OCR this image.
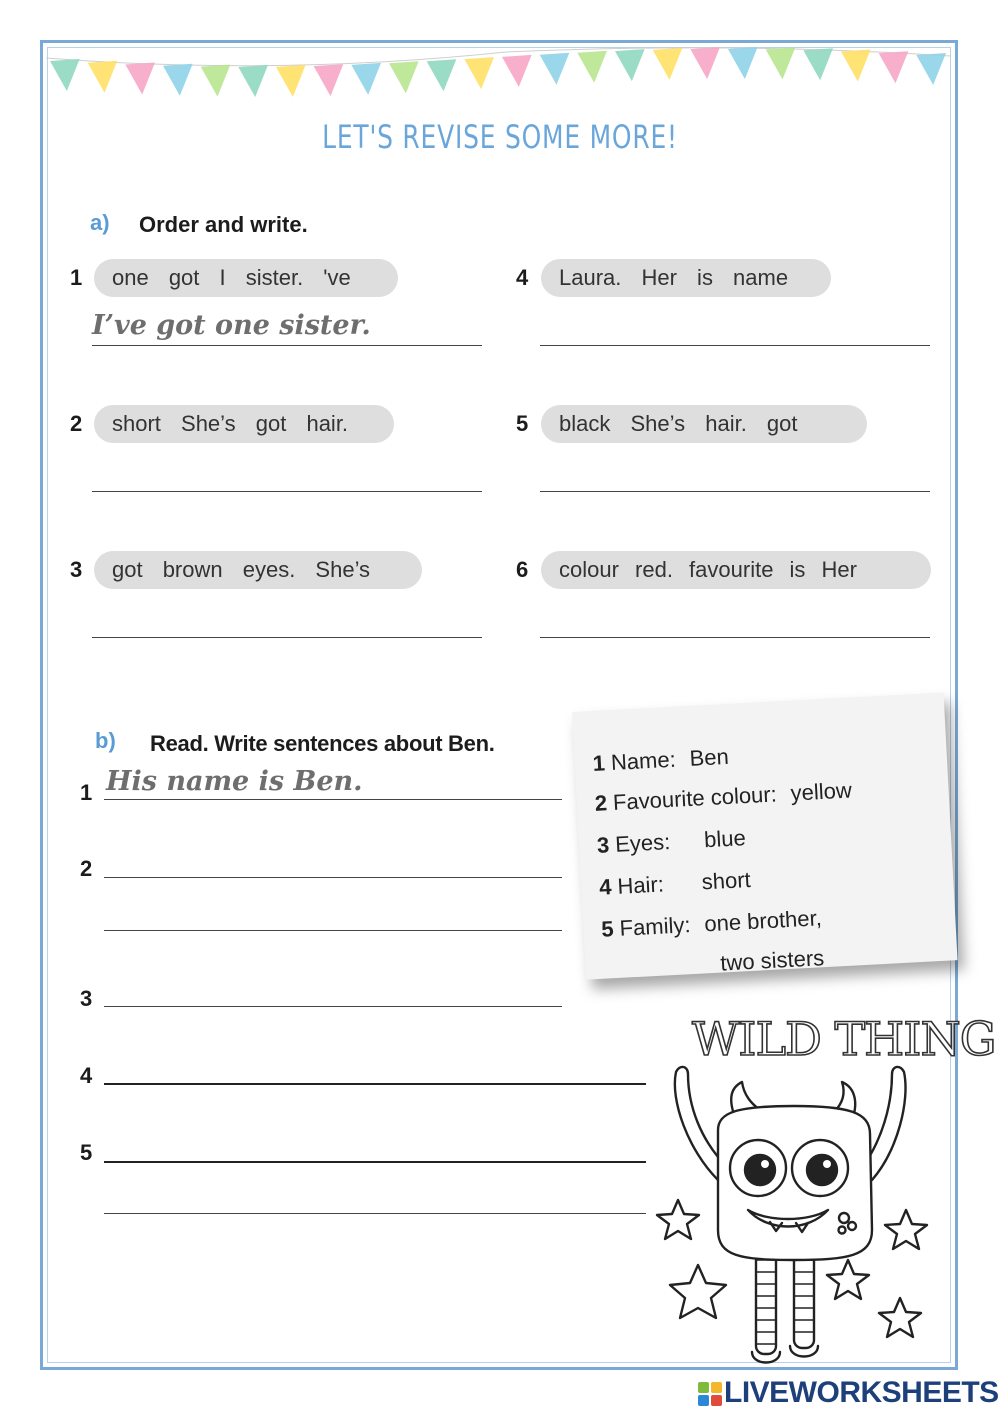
LET'S REVISE SOME MORE!
a) Order and write.
1	one got I sister. 've
I’ve got one sister.
2	short She’s got hair.
3	got brown eyes. She’s
4	Laura. Her is name
5	black She’s hair. got
6	colour red. favourite is Her
b) Read. Write sentences about Ben.
1 His name is Ben.
2
3
4
5
1 Name: Ben
2 Favourite colour: yellow
3 Eyes: blue
4 Hair: short
5 Family: one brother,
two sisters
WILD THING
LIVEWORKSHEETS
